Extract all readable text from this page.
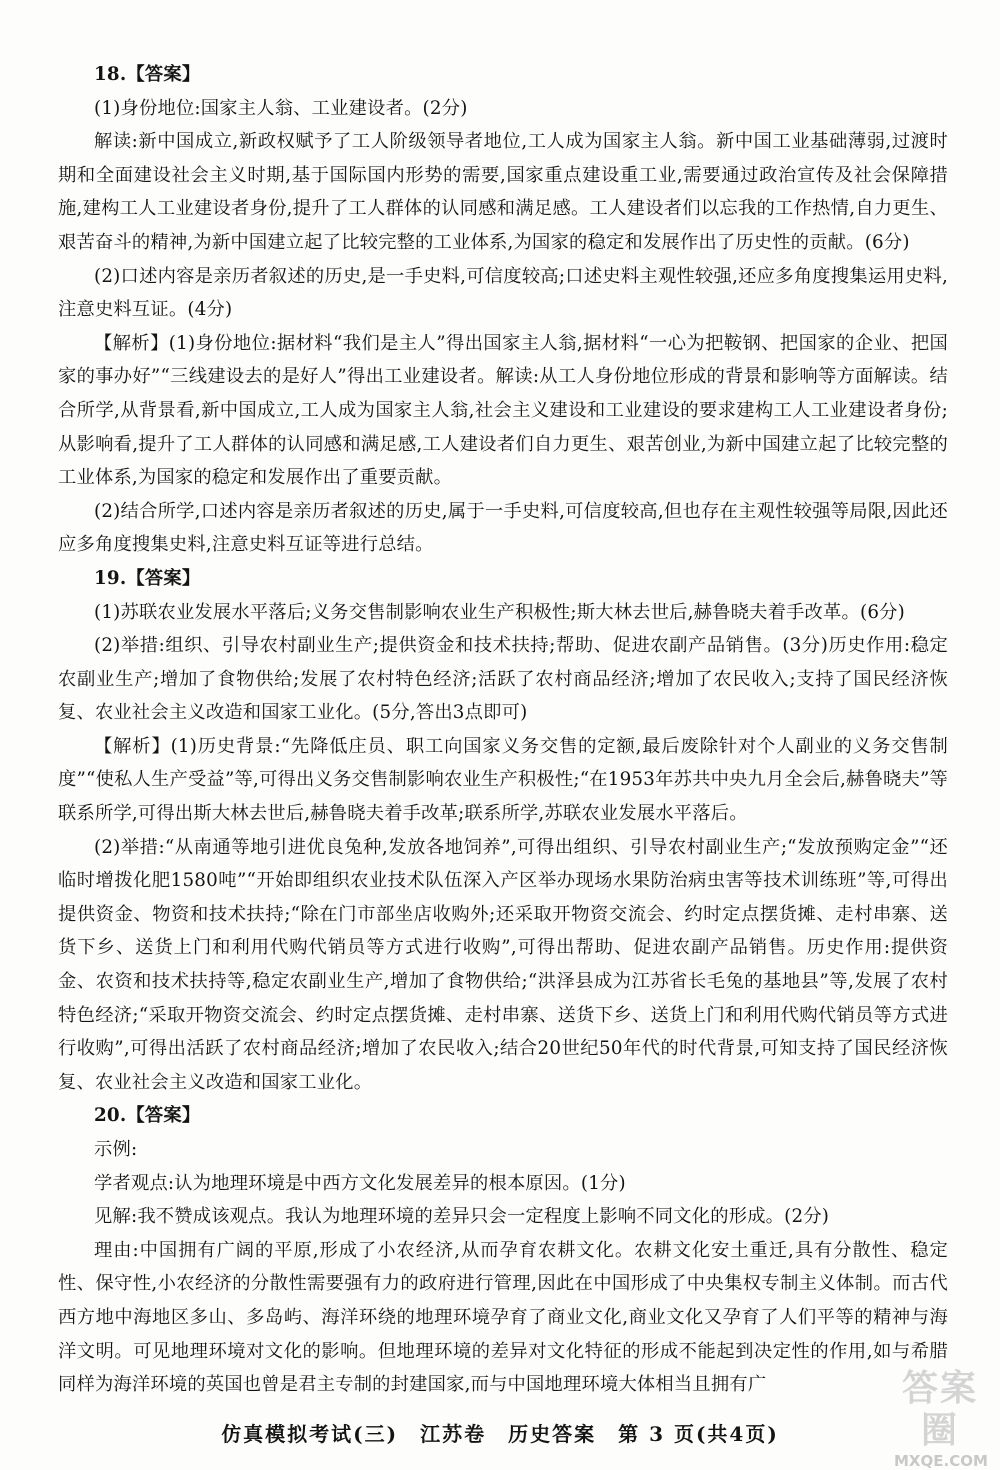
18.【答案】

(1)身份地位:国家主人翁、工业建设者。(2分)

解读:新中国成立,新政权赋予了工人阶级领导者地位,工人成为国家主人翁。新中国工业基础薄弱,过渡时期和全面建设社会主义时期,基于国际国内形势的需要,国家重点建设重工业,需要通过政治宣传及社会保障措施,建构工人工业建设者身份,提升了工人群体的认同感和满足感。工人建设者们以忘我的工作热情,自力更生、艰苦奋斗的精神,为新中国建立起了比较完整的工业体系,为国家的稳定和发展作出了历史性的贡献。(6分)

(2)口述内容是亲历者叙述的历史,是一手史料,可信度较高;口述史料主观性较强,还应多角度搜集运用史料,注意史料互证。(4分)

【解析】(1)身份地位:据材料“我们是主人”得出国家主人翁,据材料“一心为把鞍钢、把国家的企业、把国家的事办好”“三线建设去的是好人”得出工业建设者。解读:从工人身份地位形成的背景和影响等方面解读。结合所学,从背景看,新中国成立,工人成为国家主人翁,社会主义建设和工业建设的要求建构工人工业建设者身份;从影响看,提升了工人群体的认同感和满足感,工人建设者们自力更生、艰苦创业,为新中国建立起了比较完整的工业体系,为国家的稳定和发展作出了重要贡献。

(2)结合所学,口述内容是亲历者叙述的历史,属于一手史料,可信度较高,但也存在主观性较强等局限,因此还应多角度搜集史料,注意史料互证等进行总结。

19.【答案】

(1)苏联农业发展水平落后;义务交售制影响农业生产积极性;斯大林去世后,赫鲁晓夫着手改革。(6分)

(2)举措:组织、引导农村副业生产;提供资金和技术扶持;帮助、促进农副产品销售。(3分)历史作用:稳定农副业生产;增加了食物供给;发展了农村特色经济;活跃了农村商品经济;增加了农民收入;支持了国民经济恢复、农业社会主义改造和国家工业化。(5分,答出3点即可)

【解析】(1)历史背景:“先降低庄员、职工向国家义务交售的定额,最后废除针对个人副业的义务交售制度”“使私人生产受益”等,可得出义务交售制影响农业生产积极性;“在1953年苏共中央九月全会后,赫鲁晓夫”等联系所学,可得出斯大林去世后,赫鲁晓夫着手改革;联系所学,苏联农业发展水平落后。

(2)举措:“从南通等地引进优良兔种,发放各地饲养”,可得出组织、引导农村副业生产;“发放预购定金”“还临时增拨化肥1580吨”“开始即组织农业技术队伍深入产区举办现场水果防治病虫害等技术训练班”等,可得出提供资金、物资和技术扶持;“除在门市部坐店收购外;还采取开物资交流会、约时定点摆货摊、走村串寨、送货下乡、送货上门和利用代购代销员等方式进行收购”,可得出帮助、促进农副产品销售。历史作用:提供资金、农资和技术扶持等,稳定农副业生产,增加了食物供给;“洪泽县成为江苏省长毛兔的基地县”等,发展了农村特色经济;“采取开物资交流会、约时定点摆货摊、走村串寨、送货下乡、送货上门和利用代购代销员等方式进行收购”,可得出活跃了农村商品经济;增加了农民收入;结合20世纪50年代的时代背景,可知支持了国民经济恢复、农业社会主义改造和国家工业化。

20.【答案】

示例:

学者观点:认为地理环境是中西方文化发展差异的根本原因。(1分)

见解:我不赞成该观点。我认为地理环境的差异只会一定程度上影响不同文化的形成。(2分)

理由:中国拥有广阔的平原,形成了小农经济,从而孕育农耕文化。农耕文化安土重迁,具有分散性、稳定性、保守性,小农经济的分散性需要强有力的政府进行管理,因此在中国形成了中央集权专制主义体制。而古代西方地中海地区多山、多岛屿、海洋环绕的地理环境孕育了商业文化,商业文化又孕育了人们平等的精神与海洋文明。可见地理环境对文化的影响。但地理环境的差异对文化特征的形成不能起到决定性的作用,如与希腊同样为海洋环境的英国也曾是君主专制的封建国家,而与中国地理环境大体相当且拥有广

仿真模拟考试(三)　江苏卷　历史答案　第 3 页(共4页)
答案圈
MXQE.COM
